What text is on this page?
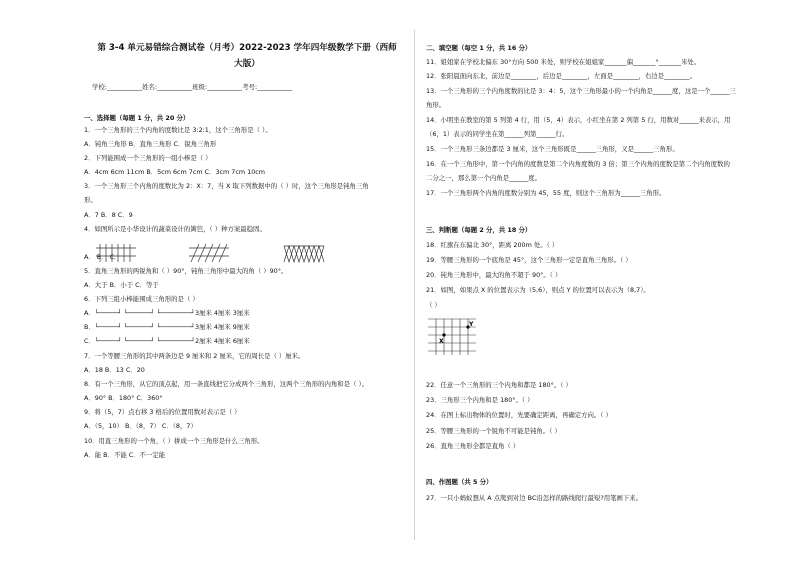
第 3-4 单元易错综合测试卷（月考）2022-2023 学年四年级数学下册（西师
大版）
学校:___________姓名:___________班级:___________考号:___________
一、选择题（每题 1 分，共 20 分）
1．一个三角形的三个内角的度数比是 3:2:1，这个三角形是（ ）。
A．钝角三角形 B．直角三角形 C．锐角三角形
2．下列能围成一个三角形的一组小棒是（ ）
A．4cm 6cm 11cm B．5cm 6cm 7cm C．3cm 7cm 10cm
3．一个三角形三个内角的度数比为 2：X：7，当 X 取下列数据中的（ ）时，这个三角形是钝角三角
形。
A．7 B．8 C．9
4．如图所示是小华设计的蔬菜设计的篱笆，（ ）种方案最稳固。
A． B． C．
5．直角三角形的两锐角和（ ）90°，钝角三角形中最大的角（ ）90°。
A．大于 B．小于 C．等于
6．下列三组小棒能围成三角形的是（ ）
A．└─────┘ └──────┘ └────────┘3厘米 4厘米 3厘米
B．└─────┘ └──────┘ └────────┘3厘米 4厘米 9厘米
C．└─────┘ └──────┘ └────────┘2厘米 4厘米 6厘米
7．一个等腰三角形的其中两条边是 9 厘米和 2 厘米，它的周长是（ ）厘米。
A．18 B．13 C．20
8．有一个三角形，从它的顶点起，用一条直线把它分成两个三角形，这两个三角形的内角和是（ ）。
A．90° B．180° C．360°
9．将（5，7）点右移 3 格后的位置用数对表示是（ ）
A．（5，10） B．（8，7） C．（8，7）
10．用直三角形的一个角，（ ）拼成一个三角形是什么三角形。
A．能 B．不能 C．不一定能
二、填空题（每空 1 分，共 16 分）
11．姐姐家在学校北偏东 30°方向 500 米处，则学校在姐姐家_______偏_______°_______米处。
12．张阳晨面向东北，前边是________，后边是________，左面是________，右边是________。
13．一个三角形的三个内角度数的比是 3：4：5，这个三角形最小的一个内角是______度，这是一个______三
角形。
14．小明坐在教室的第 5 列第 4 行，用（5，4）表示，小红坐在第 2 列第 5 行，用数对______来表示，用
（6，1）表示的同学坐在第______列第______行。
15．一个三角形三条边都是 3 厘米，这个三角形既是______三角形，又是______三角形。
16．在一个三角形中，第一个内角的度数是第二个内角度数的 3 倍；第三个内角的度数是第二个内角度数的
二分之一，那么第一个内角是______度。
17．一个三角形两个内角的度数分别为 45，55 度，则这个三角形为______三角形。
三、判断题（每题 2 分，共 18 分）
18．红旗在东偏北 30°，距离 200m 处。（ ）
19．等腰三角形的一个底角是 45°，这个三角形一定是直角三角形。（ ）
20．钝角三角形中，最大的角不超于 90°。（ ）
21．如图，如果点 X 的位置表示为（5,6），则点 Y 的位置可以表示为（8,7）。
（ ）
X
Y
22．任意一个三角形的三个内角和都是 180°。（ ）
23．三角形三个内角和是 180°。（ ）
24．在图上标出物体的位置时，先要确定距离，再确定方向。（ ）
25．等腰三角形的一个锐角不可能是钝角。（ ）
26．直角三角形全都是直角（ ）
四、作图题（共 5 分）
27．一只小蚂蚁想从 A 点爬到对边 BC沿怎样的路线爬行最短?用笔画下来。
